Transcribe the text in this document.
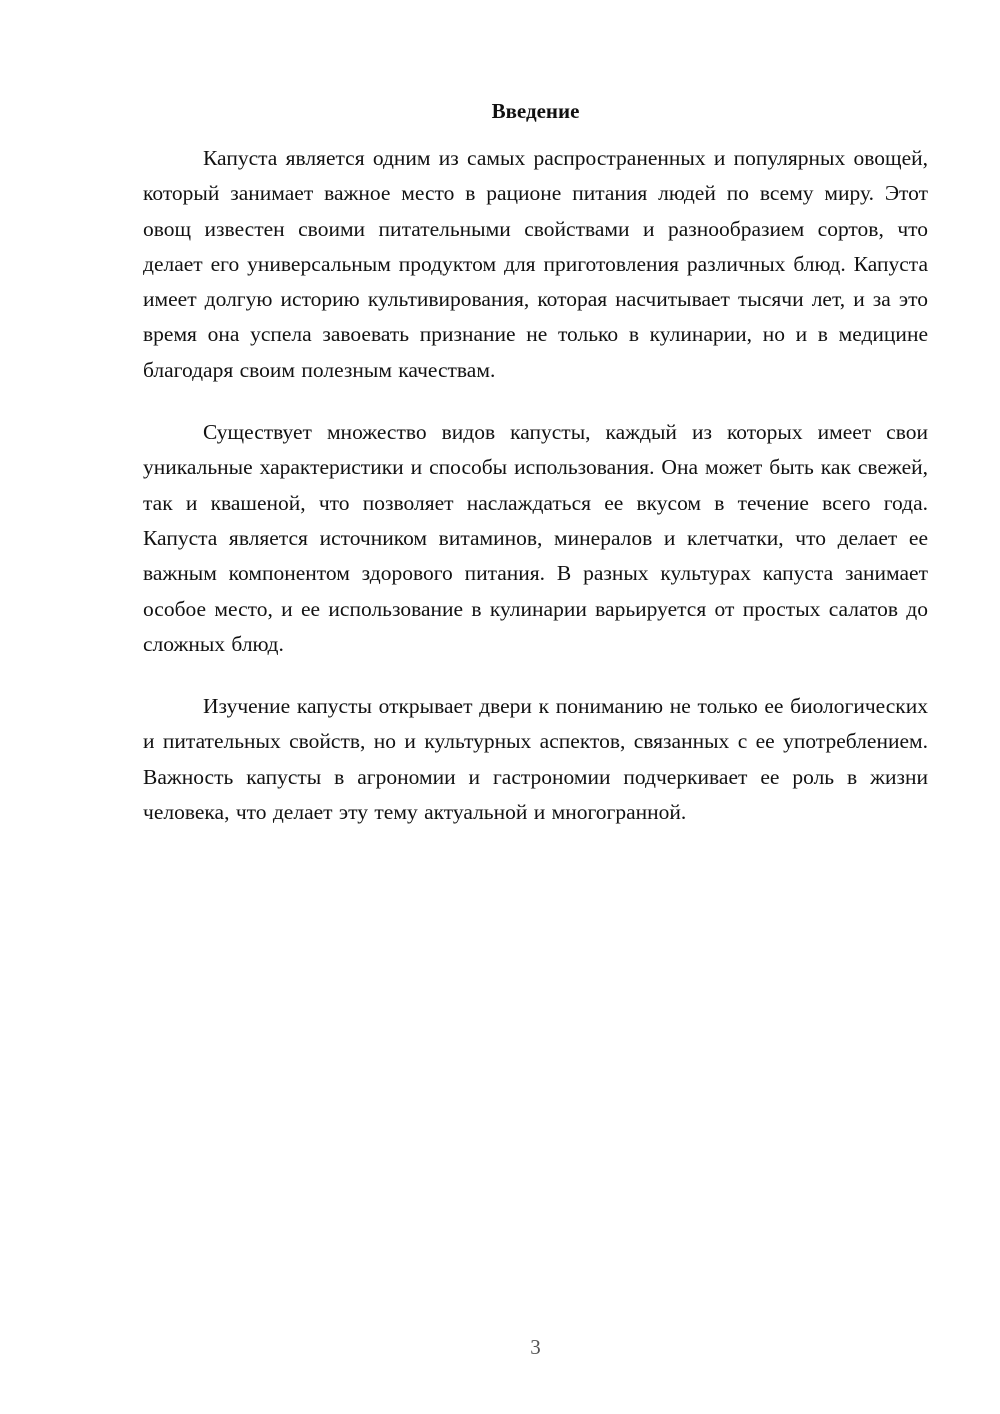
Введение

Капуста является одним из самых распространенных и популярных овощей, который занимает важное место в рационе питания людей по всему миру. Этот овощ известен своими питательными свойствами и разнообразием сортов, что делает его универсальным продуктом для приготовления различных блюд. Капуста имеет долгую историю культивирования, которая насчитывает тысячи лет, и за это время она успела завоевать признание не только в кулинарии, но и в медицине благодаря своим полезным качествам.

Существует множество видов капусты, каждый из которых имеет свои уникальные характеристики и способы использования. Она может быть как свежей, так и квашеной, что позволяет наслаждаться ее вкусом в течение всего года. Капуста является источником витаминов, минералов и клетчатки, что делает ее важным компонентом здорового питания. В разных культурах капуста занимает особое место, и ее использование в кулинарии варьируется от простых салатов до сложных блюд.

Изучение капусты открывает двери к пониманию не только ее биологических и питательных свойств, но и культурных аспектов, связанных с ее употреблением. Важность капусты в агрономии и гастрономии подчеркивает ее роль в жизни человека, что делает эту тему актуальной и многогранной.

3
